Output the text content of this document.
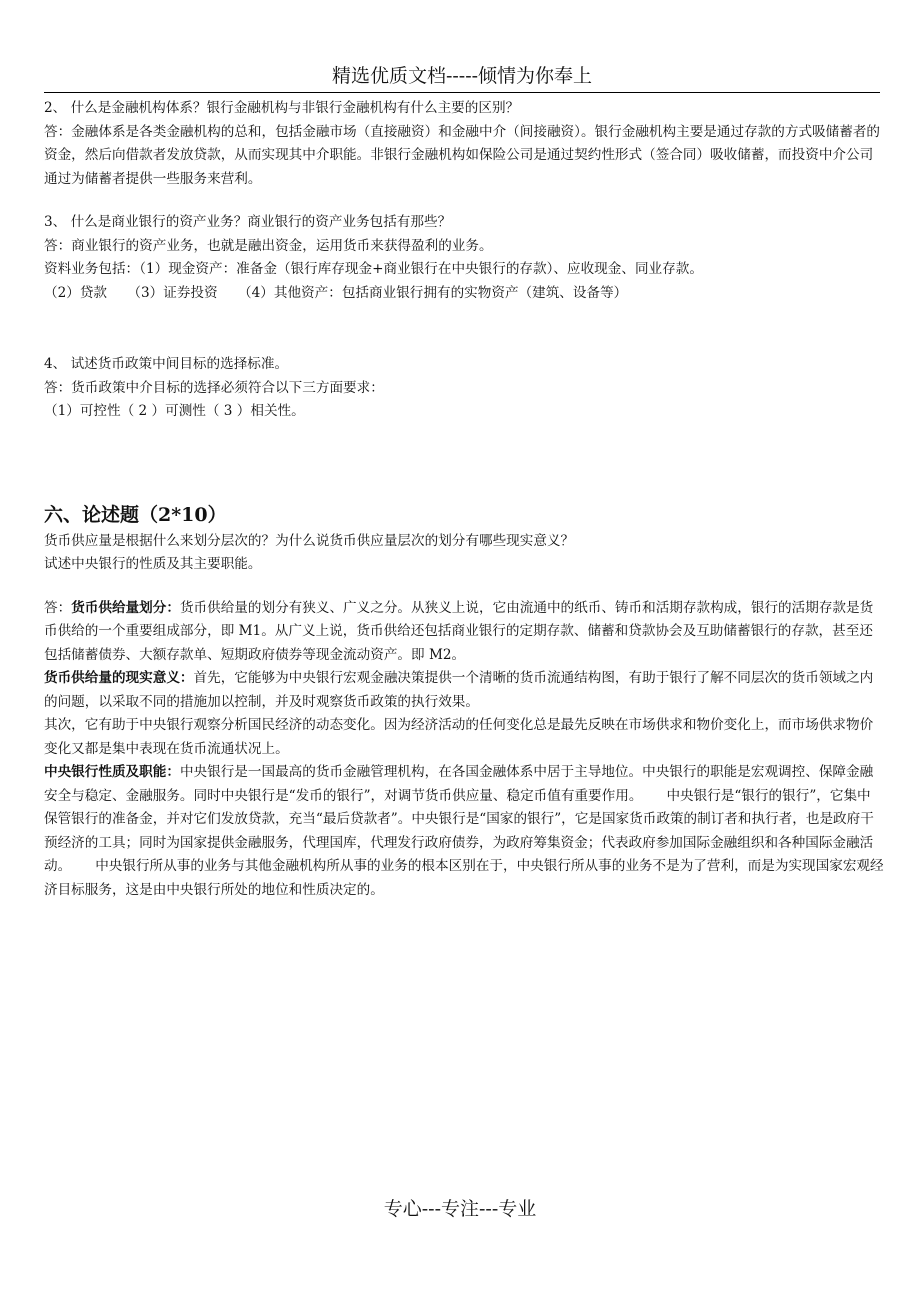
精选优质文档-----倾情为你奉上

2、 什么是金融机构体系？银行金融机构与非银行金融机构有什么主要的区别？

答：金融体系是各类金融机构的总和，包括金融市场（直接融资）和金融中介（间接融资）。银行金融机构主要是通过存款的方式吸储蓄者的资金，然后向借款者发放贷款，从而实现其中介职能。非银行金融机构如保险公司是通过契约性形式（签合同）吸收储蓄，而投资中介公司通过为储蓄者提供一些服务来营利。

3、 什么是商业银行的资产业务？商业银行的资产业务包括有那些？

答：商业银行的资产业务，也就是融出资金，运用货币来获得盈利的业务。

资料业务包括：（1）现金资产：准备金（银行库存现金+商业银行在中央银行的存款）、应收现金、同业存款。

（2）贷款　　（3）证券投资　　（4）其他资产：包括商业银行拥有的实物资产（建筑、设备等）

4、 试述货币政策中间目标的选择标准。

答：货币政策中介目标的选择必须符合以下三方面要求：

（1）可控性（ 2 ）可测性（ 3 ）相关性。

六、论述题（2*10）

货币供应量是根据什么来划分层次的？为什么说货币供应量层次的划分有哪些现实意义？

试述中央银行的性质及其主要职能。

答：货币供给量划分：货币供给量的划分有狭义、广义之分。从狭义上说，它由流通中的纸币、铸币和活期存款构成，银行的活期存款是货币供给的一个重要组成部分，即 M1。从广义上说，货币供给还包括商业银行的定期存款、储蓄和贷款协会及互助储蓄银行的存款，甚至还包括储蓄债券、大额存款单、短期政府债券等现金流动资产。即 M2。

货币供给量的现实意义：首先，它能够为中央银行宏观金融决策提供一个清晰的货币流通结构图，有助于银行了解不同层次的货币领域之内的问题，以采取不同的措施加以控制，并及时观察货币政策的执行效果。

其次，它有助于中央银行观察分析国民经济的动态变化。因为经济活动的任何变化总是最先反映在市场供求和物价变化上，而市场供求物价变化又都是集中表现在货币流通状况上。

中央银行性质及职能：中央银行是一国最高的货币金融管理机构，在各国金融体系中居于主导地位。中央银行的职能是宏观调控、保障金融安全与稳定、金融服务。同时中央银行是“发币的银行”，对调节货币供应量、稳定币值有重要作用。 中央银行是“银行的银行”，它集中保管银行的准备金，并对它们发放贷款，充当“最后贷款者”。中央银行是“国家的银行”，它是国家货币政策的制订者和执行者，也是政府干预经济的工具；同时为国家提供金融服务，代理国库，代理发行政府债券，为政府筹集资金；代表政府参加国际金融组织和各种国际金融活动。 中央银行所从事的业务与其他金融机构所从事的业务的根本区别在于，中央银行所从事的业务不是为了营利，而是为实现国家宏观经济目标服务，这是由中央银行所处的地位和性质决定的。

专心---专注---专业
